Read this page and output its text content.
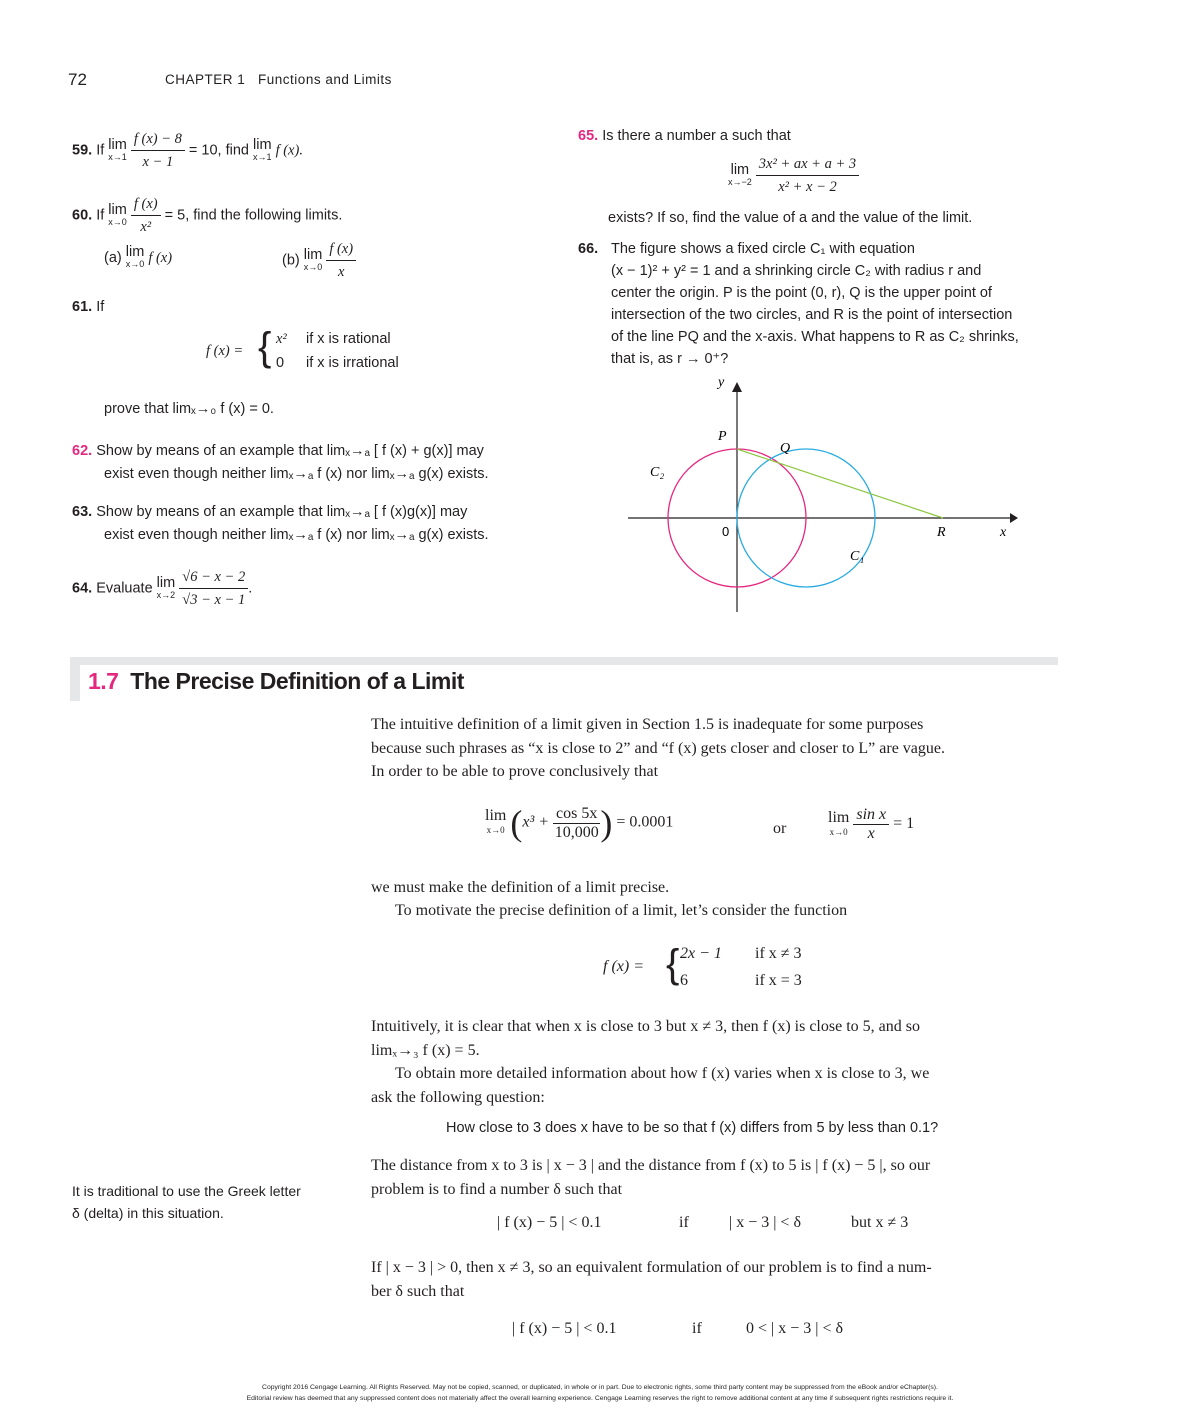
72	CHAPTER 1 Functions and Limits
59. If lim
x→1
$\frac{f (x) - 8}{x - 1} = 10$, find lim
x→1 f (x).
60. If lim
x→0
$\frac{f (x)}{\text{x²}} = 5$, find the following limits.
(a) lim
x→0 f (x)	(b) lim
x→0
$\frac{f (x)}{x}$
61. If
f (x) = { x² if x is rational
0 if x is irrational
prove that limₓ→₀ f (x) = 0.
62. Show by means of an example that limₓ→ₐ [ f (x) + g(x)] may
exist even though neither limₓ→ₐ f (x) nor limₓ→ₐ g(x) exists.
63. Show by means of an example that limₓ→ₐ [ f (x)g(x)] may
exist even though neither limₓ→ₐ f (x) nor limₓ→ₐ g(x) exists.
64. Evaluate lim
x→2
$\frac{√6 - x - 2}{√3 - x - 1}$ .
65. Is there a number a such that
lim
x→−2
$\frac{\text{3x² + ax + a + 3}}{\text{x² + x − 2}}$
exists? If so, find the value of a and the value of the limit.
66. The figure shows a fixed circle C₁ with equation
(x − 1)² + y² = 1 and a shrinking circle C₂ with radius r and
center the origin. P is the point (0, r), Q is the upper point of
intersection of the two circles, and R is the point of intersection
of the line PQ and the x-axis. What happens to R as C₂ shrinks,
that is, as r → 0⁺?
y
x
P
Q
R
0
C₁
C₂
1.7 The Precise Definition of a Limit
The intuitive definition of a limit given in Section 1.5 is inadequate for some purposes
because such phrases as “x is close to 2” and “f (x) gets closer and closer to L” are vague.
In order to be able to prove conclusively that
lim
x→0 ($x^3 + \frac{\cos 5x}{10,000}$ ) = 0.0001	or
lim
x→0
$\frac{\text{sin x}}{x} = 1$
we must make the definition of a limit precise.
To motivate the precise definition of a limit, let’s consider the function
f (x) = { 2x − 1 if x ≠ 3
6	if x = 3
Intuitively, it is clear that when x is close to 3 but x ≠ 3, then f (x) is close to 5, and so
limₓ→₃ f (x) = 5.
To obtain more detailed information about how f (x) varies when x is close to 3, we
ask the following question:
How close to 3 does x have to be so that f (x) differs from 5 by less than 0.1?
The distance from x to 3 is | x − 3 | and the distance from f (x) to 5 is | f (x) − 5 |, so our
problem is to find a number δ such that
It is traditional to use the Greek letter
δ (delta) in this situation.
| f (x) − 5 | < 0.1	if	| x − 3 | < δ	but x ≠ 3
If | x − 3 | > 0, then x ≠ 3, so an equivalent formulation of our problem is to find a num-
ber δ such that
| f (x) − 5 | < 0.1	if	0 < | x − 3 | < δ
Copyright 2016 Cengage Learning. All Rights Reserved. May not be copied, scanned, or duplicated, in whole or in part. Due to electronic rights, some third party content may be suppressed from the eBook and/or eChapter(s).
Editorial review has deemed that any suppressed content does not materially affect the overall learning experience. Cengage Learning reserves the right to remove additional content at any time if subsequent rights restrictions require it.
